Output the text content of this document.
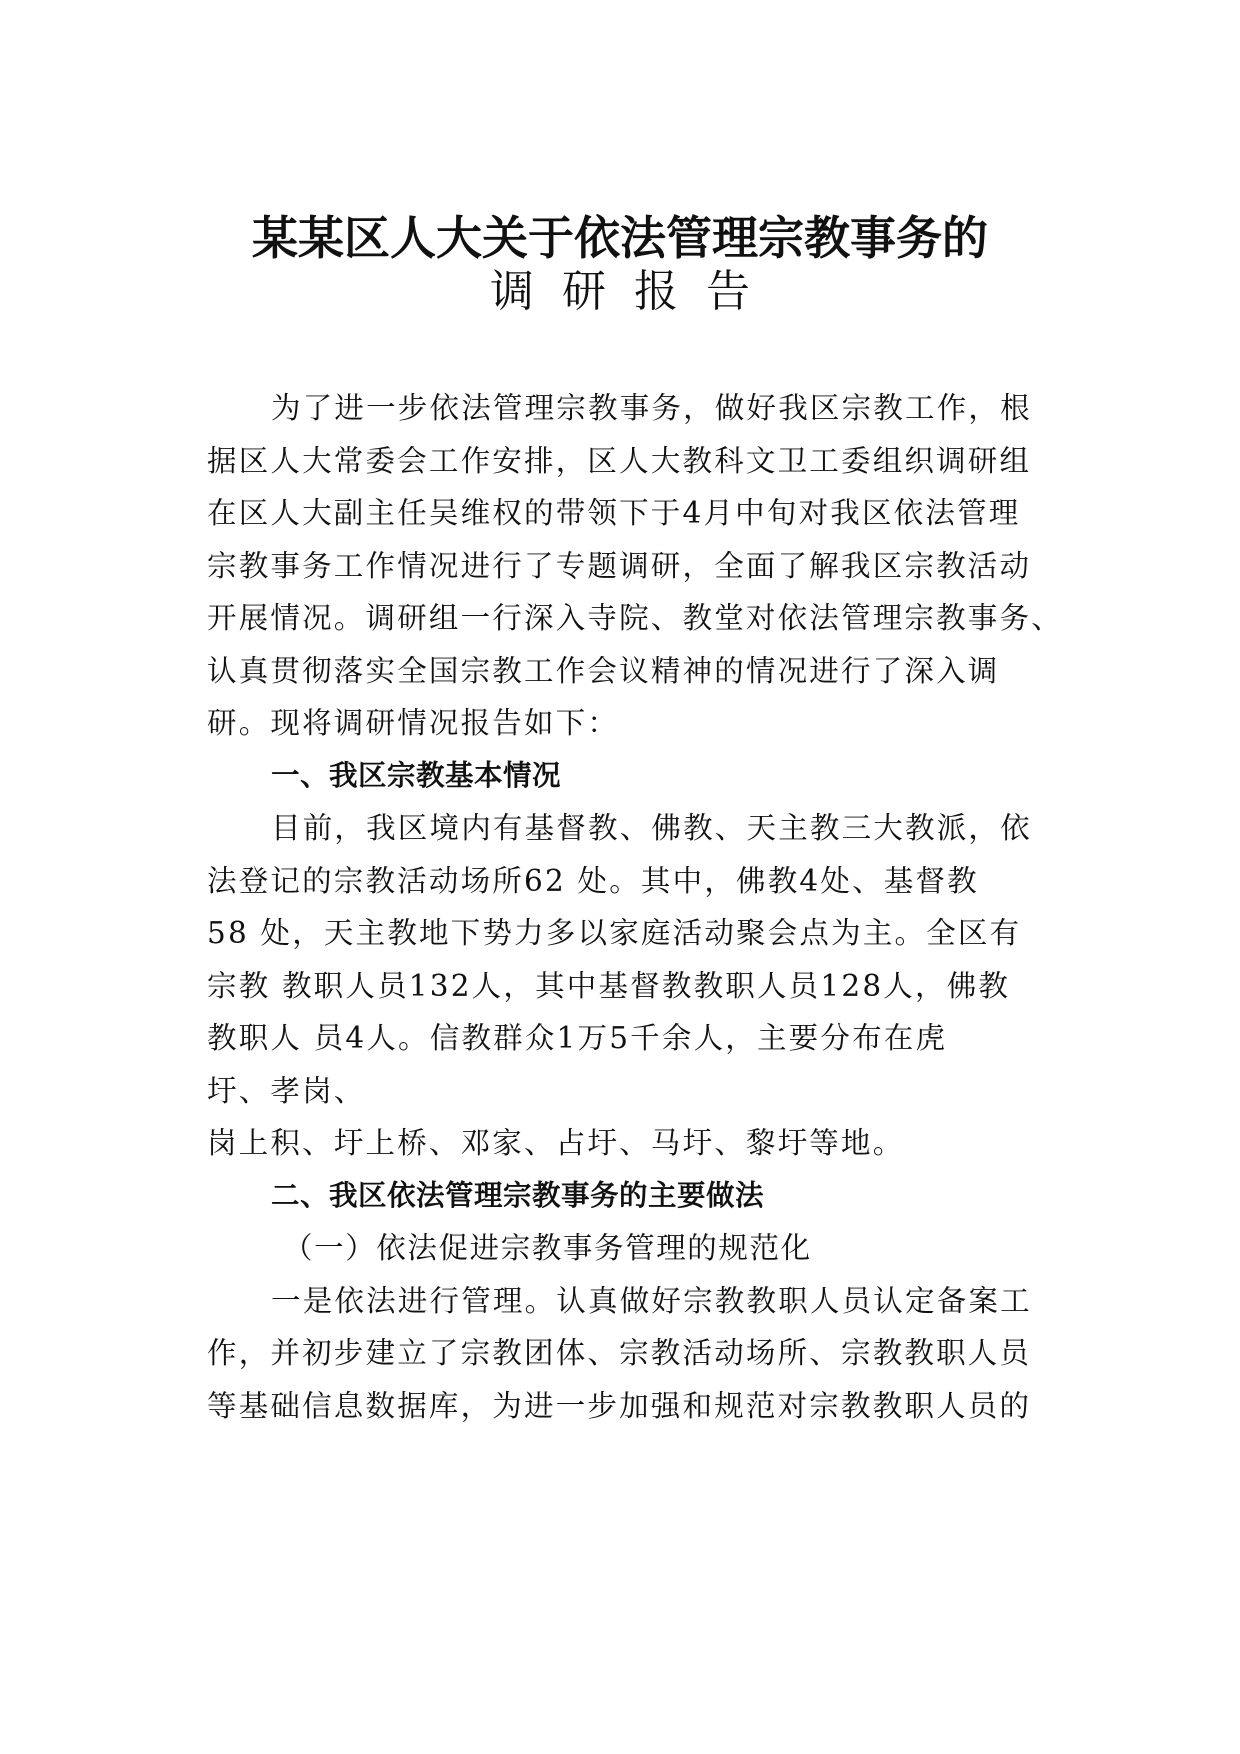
某某区人大关于依法管理宗教事务的
调研报告
为了进一步依法管理宗教事务，做好我区宗教工作，根
据区人大常委会工作安排，区人大教科文卫工委组织调研组
在区人大副主任吴维权的带领下于4月中旬对我区依法管理
宗教事务工作情况进行了专题调研，全面了解我区宗教活动
开展情况。调研组一行深入寺院、教堂对依法管理宗教事务、
认真贯彻落实全国宗教工作会议精神的情况进行了深入调
研。现将调研情况报告如下：
一、我区宗教基本情况
目前，我区境内有基督教、佛教、天主教三大教派，依
法登记的宗教活动场所62 处。其中，佛教4处、基督教
58 处，天主教地下势力多以家庭活动聚会点为主。全区有
宗教 教职人员132人，其中基督教教职人员128人，佛教
教职人 员4人。信教群众1万5千余人，主要分布在虎
圩、孝岗、
岗上积、圩上桥、邓家、占圩、马圩、黎圩等地。
二、我区依法管理宗教事务的主要做法
（一）依法促进宗教事务管理的规范化
一是依法进行管理。认真做好宗教教职人员认定备案工
作，并初步建立了宗教团体、宗教活动场所、宗教教职人员
等基础信息数据库，为进一步加强和规范对宗教教职人员的
